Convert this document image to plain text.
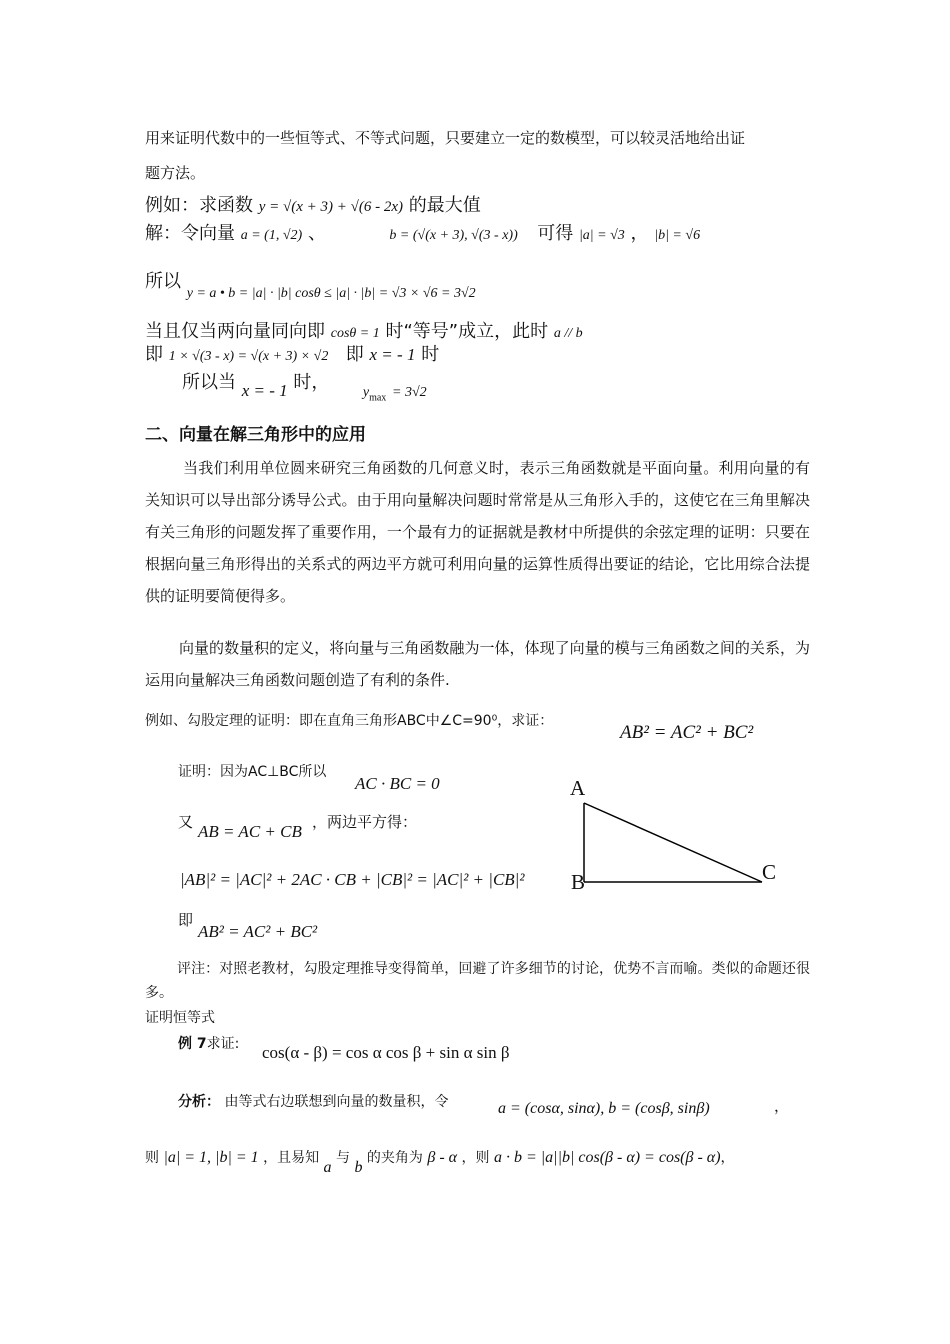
用来证明代数中的一些恒等式、不等式问题，只要建立一定的数模型，可以较灵活地给出证
题方法。
例如：求函数 y = √(x + 3) + √(6 - 2x) 的最大值
解：令向量 a = (1, √2) 、	b = (√(x + 3), √(3 - x)) 可得 |a| = √3 ， |b| = √6
所以 $_{y = a • b = |a| \cdot |b| cos\theta \le |a| \cdot |b| = √3 \times √6 = 3√2}$
当且仅当两向量同向即 cosθ = 1 时“等号”成立，此时 a // b
即 1 × √(3 - x) = √(x + 3) × √2 即 x = - 1 时
所以当 x = - 1 时， $y_{max} = 3√2$
二、向量在解三角形中的应用
当我们利用单位圆来研究三角函数的几何意义时，表示三角函数就是平面向量。利用向量的有关知识可以导出部分诱导公式。由于用向量解决问题时常常是从三角形入手的，这使它在三角里解决有关三角形的问题发挥了重要作用，一个最有力的证据就是教材中所提供的余弦定理的证明：只要在根据向量三角形得出的关系式的两边平方就可利用向量的运算性质得出要证的结论，它比用综合法提供的证明要简便得多。
向量的数量积的定义，将向量与三角函数融为一体，体现了向量的模与三角函数之间的关系，为运用向量解决三角函数问题创造了有利的条件.
例如、勾股定理的证明：即在直角三角形ABC中∠C=90⁰，求证：
AB² = AC² + BC²
证明：因为AC⊥BC所以
AC · BC = 0
又 AB = AC + CB ，两边平方得：
|AB|² = |AC|² + 2AC · CB + |CB|² = |AC|² + |CB|²
即
AB² = AC² + BC²
评注：对照老教材，勾股定理推导变得简单，回避了许多细节的讨论，优势不言而喻。类似的命题还很多。
A
B	C
证明恒等式
例 7求证: cos(α - β) = cos α cos β + sin α sin β
分析： 由等式右边联想到向量的数量积，令	a = (cosα, sinα), b = (cosβ, sinβ)	，
则 |a| = 1, |b| = 1 ，且易知 a 与 b 的夹角为 β - α ，则 a · b = |a||b| cos(β - α) = cos(β - α)，
